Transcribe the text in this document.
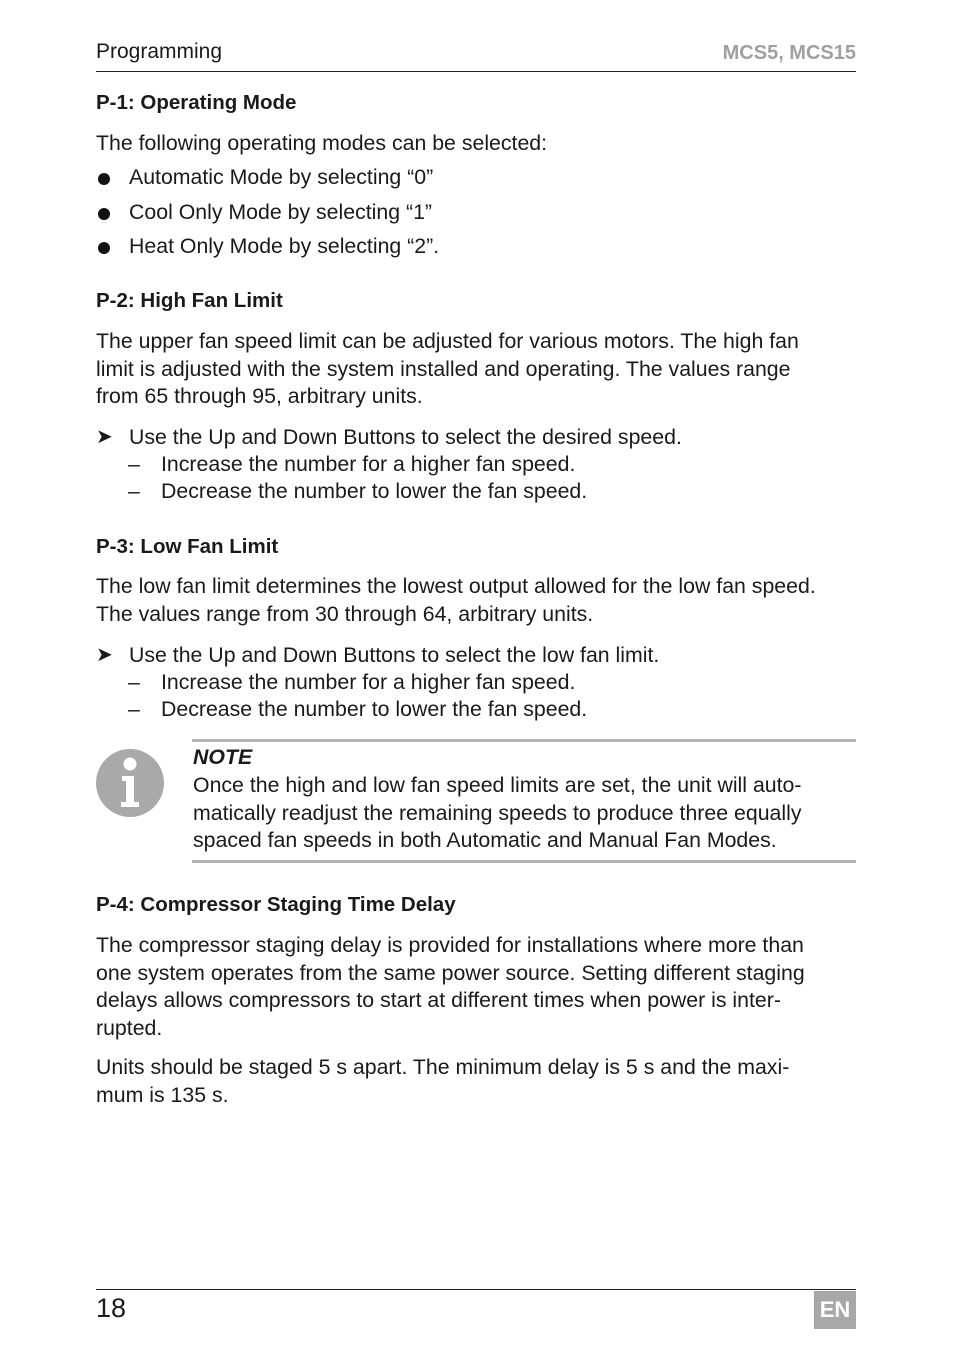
Programming	MCS5, MCS15
P-1: Operating Mode

The following operating modes can be selected:

Automatic Mode by selecting “0”
Cool Only Mode by selecting “1”
Heat Only Mode by selecting “2”.
P-2: High Fan Limit
The upper fan speed limit can be adjusted for various motors. The high fan
limit is adjusted with the system installed and operating. The values range
from 65 through 95, arbitrary units.
➤ Use the Up and Down Buttons to select the desired speed.
– Increase the number for a higher fan speed.
– Decrease the number to lower the fan speed.
P-3: Low Fan Limit
The low fan limit determines the lowest output allowed for the low fan speed.
The values range from 30 through 64, arbitrary units.
➤ Use the Up and Down Buttons to select the low fan limit.
– Increase the number for a higher fan speed.
– Decrease the number to lower the fan speed.
NOTE
Once the high and low fan speed limits are set, the unit will auto-
matically readjust the remaining speeds to produce three equally
spaced fan speeds in both Automatic and Manual Fan Modes.
P-4: Compressor Staging Time Delay
The compressor staging delay is provided for installations where more than
one system operates from the same power source. Setting different staging
delays allows compressors to start at different times when power is inter-
rupted.
Units should be staged 5 s apart. The minimum delay is 5 s and the maxi-
mum is 135 s.
18	EN
